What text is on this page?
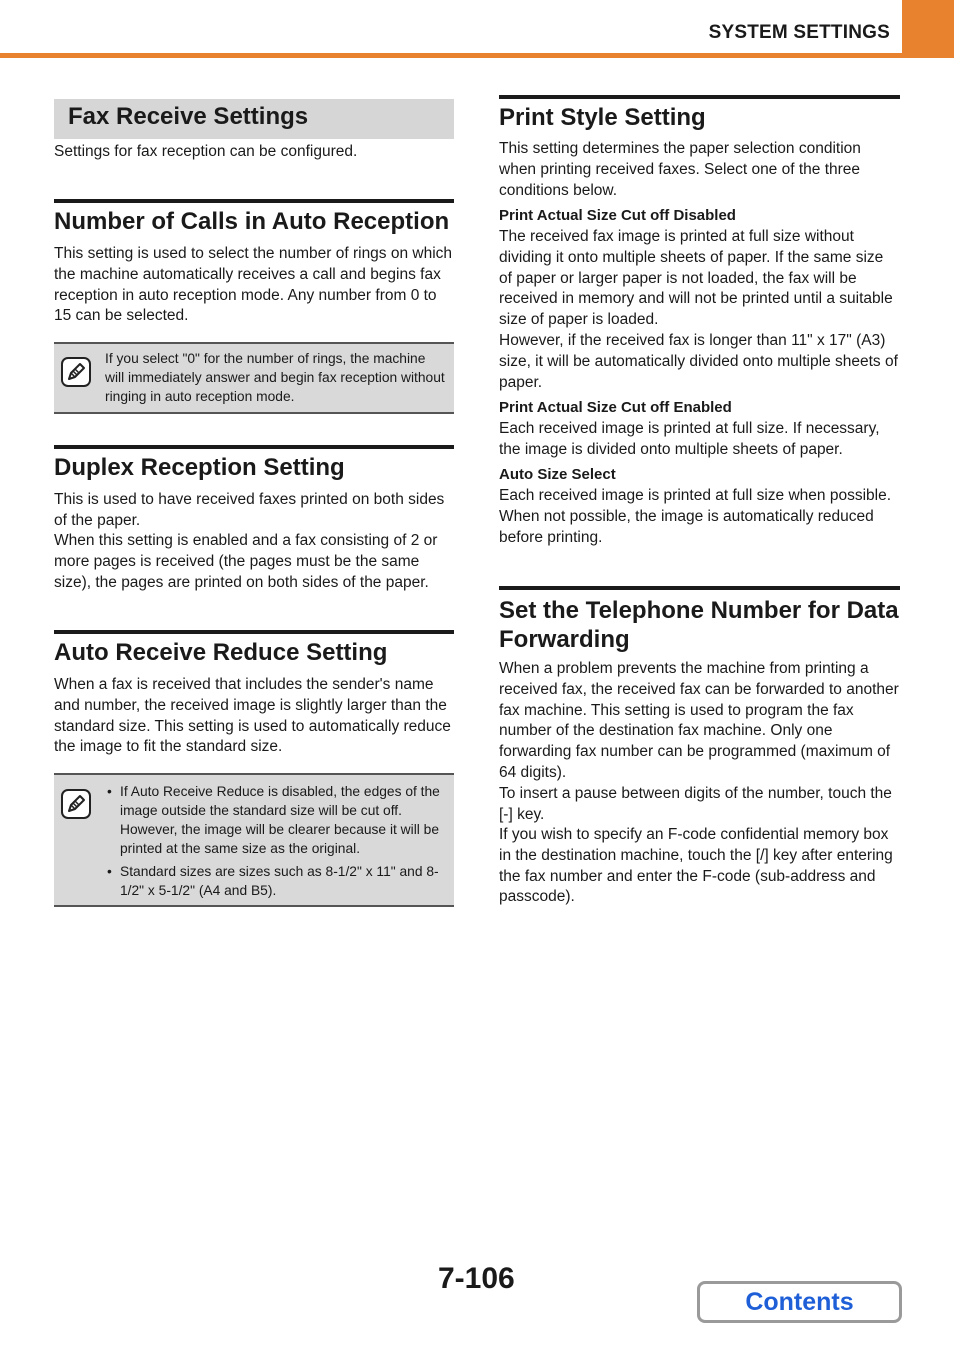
SYSTEM SETTINGS
Fax Receive Settings
Settings for fax reception can be configured.
Number of Calls in Auto Reception
This setting is used to select the number of rings on which the machine automatically receives a call and begins fax reception in auto reception mode. Any number from 0 to 15 can be selected.
If you select "0" for the number of rings, the machine will immediately answer and begin fax reception without ringing in auto reception mode.
Duplex Reception Setting
This is used to have received faxes printed on both sides of the paper.
When this setting is enabled and a fax consisting of 2 or more pages is received (the pages must be the same size), the pages are printed on both sides of the paper.
Auto Receive Reduce Setting
When a fax is received that includes the sender's name and number, the received image is slightly larger than the standard size. This setting is used to automatically reduce the image to fit the standard size.
• If Auto Receive Reduce is disabled, the edges of the image outside the standard size will be cut off. However, the image will be clearer because it will be printed at the same size as the original.
• Standard sizes are sizes such as 8-1/2" x 11" and 8-1/2" x 5-1/2" (A4 and B5).
Print Style Setting
This setting determines the paper selection condition when printing received faxes. Select one of the three conditions below.
Print Actual Size Cut off Disabled
The received fax image is printed at full size without dividing it onto multiple sheets of paper. If the same size of paper or larger paper is not loaded, the fax will be received in memory and will not be printed until a suitable size of paper is loaded.
However, if the received fax is longer than 11" x 17" (A3) size, it will be automatically divided onto multiple sheets of paper.
Print Actual Size Cut off Enabled
Each received image is printed at full size. If necessary, the image is divided onto multiple sheets of paper.
Auto Size Select
Each received image is printed at full size when possible. When not possible, the image is automatically reduced before printing.
Set the Telephone Number for Data Forwarding
When a problem prevents the machine from printing a received fax, the received fax can be forwarded to another fax machine. This setting is used to program the fax number of the destination fax machine. Only one forwarding fax number can be programmed (maximum of 64 digits).
To insert a pause between digits of the number, touch the [-] key.
If you wish to specify an F-code confidential memory box in the destination machine, touch the [/] key after entering the fax number and enter the F-code (sub-address and passcode).
7-106
Contents
